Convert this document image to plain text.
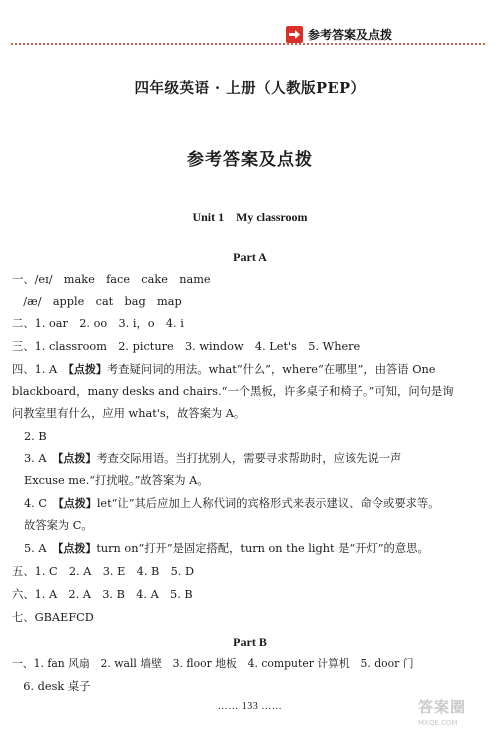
参考答案及点拨
四年级英语 · 上册（人教版PEP）
参考答案及点拨
Unit 1　My classroom
Part A
一、/eɪ/　make　face　cake　name
　/æ/　apple　cat　bag　map
二、1. oar　2. oo　3. i，o　4. i
三、1. classroom　2. picture　3. window　4. Let's　5. Where
四、1. A　【点拨】考查疑问词的用法。what“什么”，where“在哪里”，由答语 One
blackboard，many desks and chairs.“一个黑板，许多桌子和椅子。”可知，问句是询
问教室里有什么，应用 what's，故答案为 A。
2. B
3. A　【点拨】考查交际用语。当打扰别人，需要寻求帮助时，应该先说一声
Excuse me.“打扰啦。”故答案为 A。
4. C　【点拨】let“让”其后应加上人称代词的宾格形式来表示建议、命令或要求等。
故答案为 C。
5. A　【点拨】turn on“打开”是固定搭配，turn on the light 是“开灯”的意思。
五、1. C　2. A　3. E　4. B　5. D
六、1. A　2. A　3. B　4. A　5. B
七、GBAEFCD
Part B
一、1. fan 风扇　2. wall 墙壁　3. floor 地板　4. computer 计算机　5. door 门
　6. desk 桌子
…… 133 ……	答案圈
MXQE.COM
